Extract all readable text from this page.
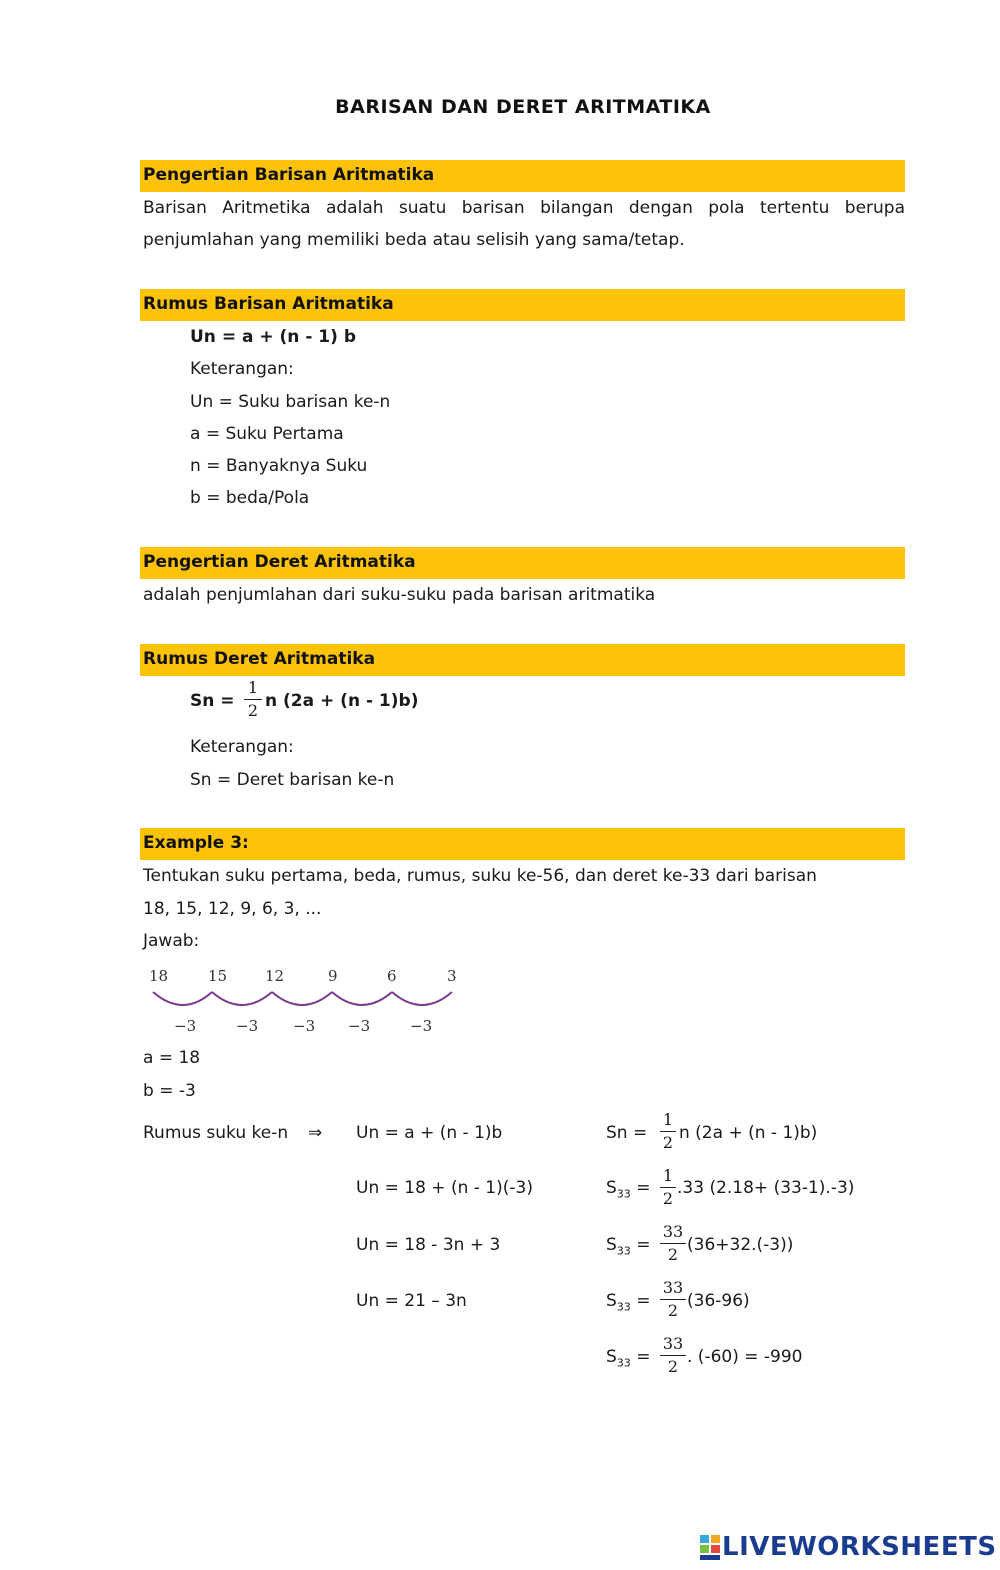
BARISAN DAN DERET ARITMATIKA
Pengertian Barisan Aritmatika
Barisan Aritmetika adalah suatu barisan bilangan dengan pola tertentu berupa
penjumlahan yang memiliki beda atau selisih yang sama/tetap.
Rumus Barisan Aritmatika
Un = a + (n - 1) b
Keterangan:
Un = Suku barisan ke-n
a = Suku Pertama
n = Banyaknya Suku
b = beda/Pola
Pengertian Deret Aritmatika
adalah penjumlahan dari suku-suku pada barisan aritmatika
Rumus Deret Aritmatika
Sn =
1
2 n (2a + (n - 1)b)
Keterangan:
Sn = Deret barisan ke-n
Example 3:
Tentukan suku pertama, beda, rumus, suku ke-56, dan deret ke-33 dari barisan
18, 15, 12, 9, 6, 3, ...
Jawab:
18	15	12	9	6	3
−3	−3 −3 −3	−3
a = 18
b = -3
Rumus suku ke-n ⇒ Un = a + (n - 1)b
Un = 18 + (n - 1)(-3)
Un = 18 - 3n + 3
Un = 21 – 3n
Sn =
1
2 n (2a + (n - 1)b)
$S_{33}$ =
1
2
.33 (2.18+ (33-1).-3)
$S_{33}$ =
33
2 (36+32.(-3))
$S_{33}$ =
33
2 (36-96)
$S_{33}$ =
33
2 . (-60) = -990
LIVEWORKSHEETS
